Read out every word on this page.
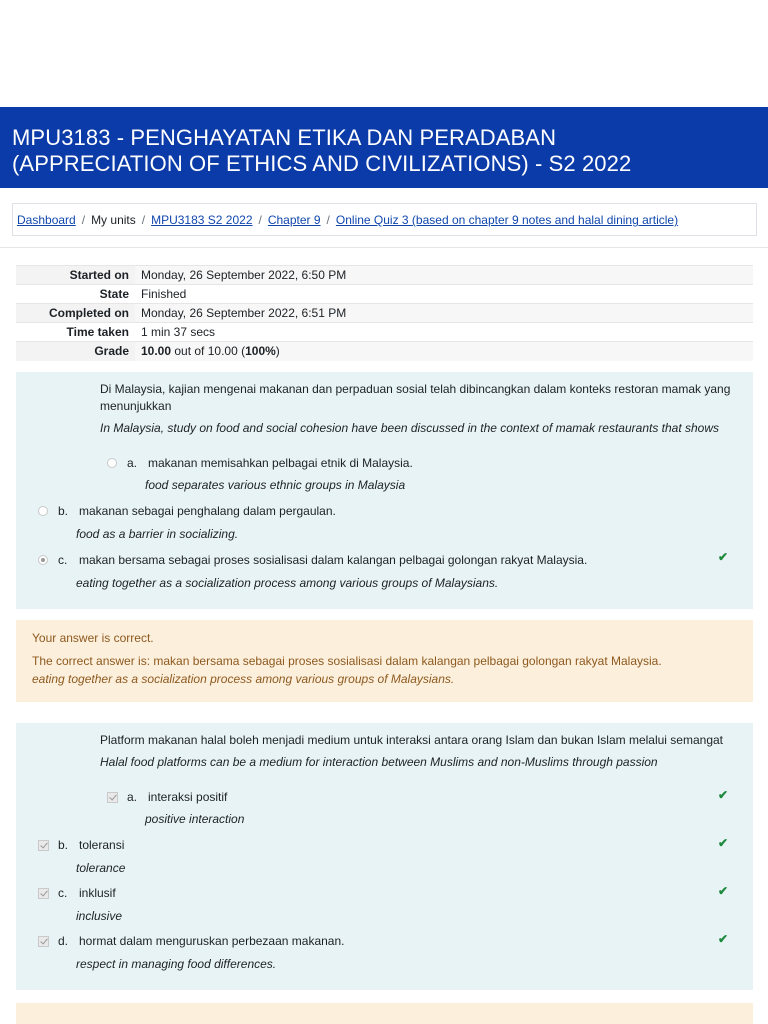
MPU3183 - PENGHAYATAN ETIKA DAN PERADABAN
(APPRECIATION OF ETHICS AND CIVILIZATIONS) - S2 2022
Dashboard / My units / MPU3183 S2 2022 / Chapter 9 / Online Quiz 3 (based on chapter 9 notes and halal dining article)
Started on	Monday, 26 September 2022, 6:50 PM
State	Finished
Completed on	Monday, 26 September 2022, 6:51 PM
Time taken	1 min 37 secs
Grade	10.00 out of 10.00 (100%)
Di Malaysia, kajian mengenai makanan dan perpaduan sosial telah dibincangkan dalam konteks restoran mamak yang menunjukkan
In Malaysia, study on food and social cohesion have been discussed in the context of mamak restaurants that shows
a. makanan memisahkan pelbagai etnik di Malaysia.
food separates various ethnic groups in Malaysia
b. makanan sebagai penghalang dalam pergaulan.
food as a barrier in socializing.
c. makan bersama sebagai proses sosialisasi dalam kalangan pelbagai golongan rakyat Malaysia.	✔
eating together as a socialization process among various groups of Malaysians.
Your answer is correct.
The correct answer is: makan bersama sebagai proses sosialisasi dalam kalangan pelbagai golongan rakyat Malaysia.
eating together as a socialization process among various groups of Malaysians.
Platform makanan halal boleh menjadi medium untuk interaksi antara orang Islam dan bukan Islam melalui semangat
Halal food platforms can be a medium for interaction between Muslims and non-Muslims through passion
a. interaksi positif	✔
positive interaction
b. toleransi	✔
tolerance
c. inklusif	✔
inclusive
d. hormat dalam menguruskan perbezaan makanan.	✔
respect in managing food differences.
